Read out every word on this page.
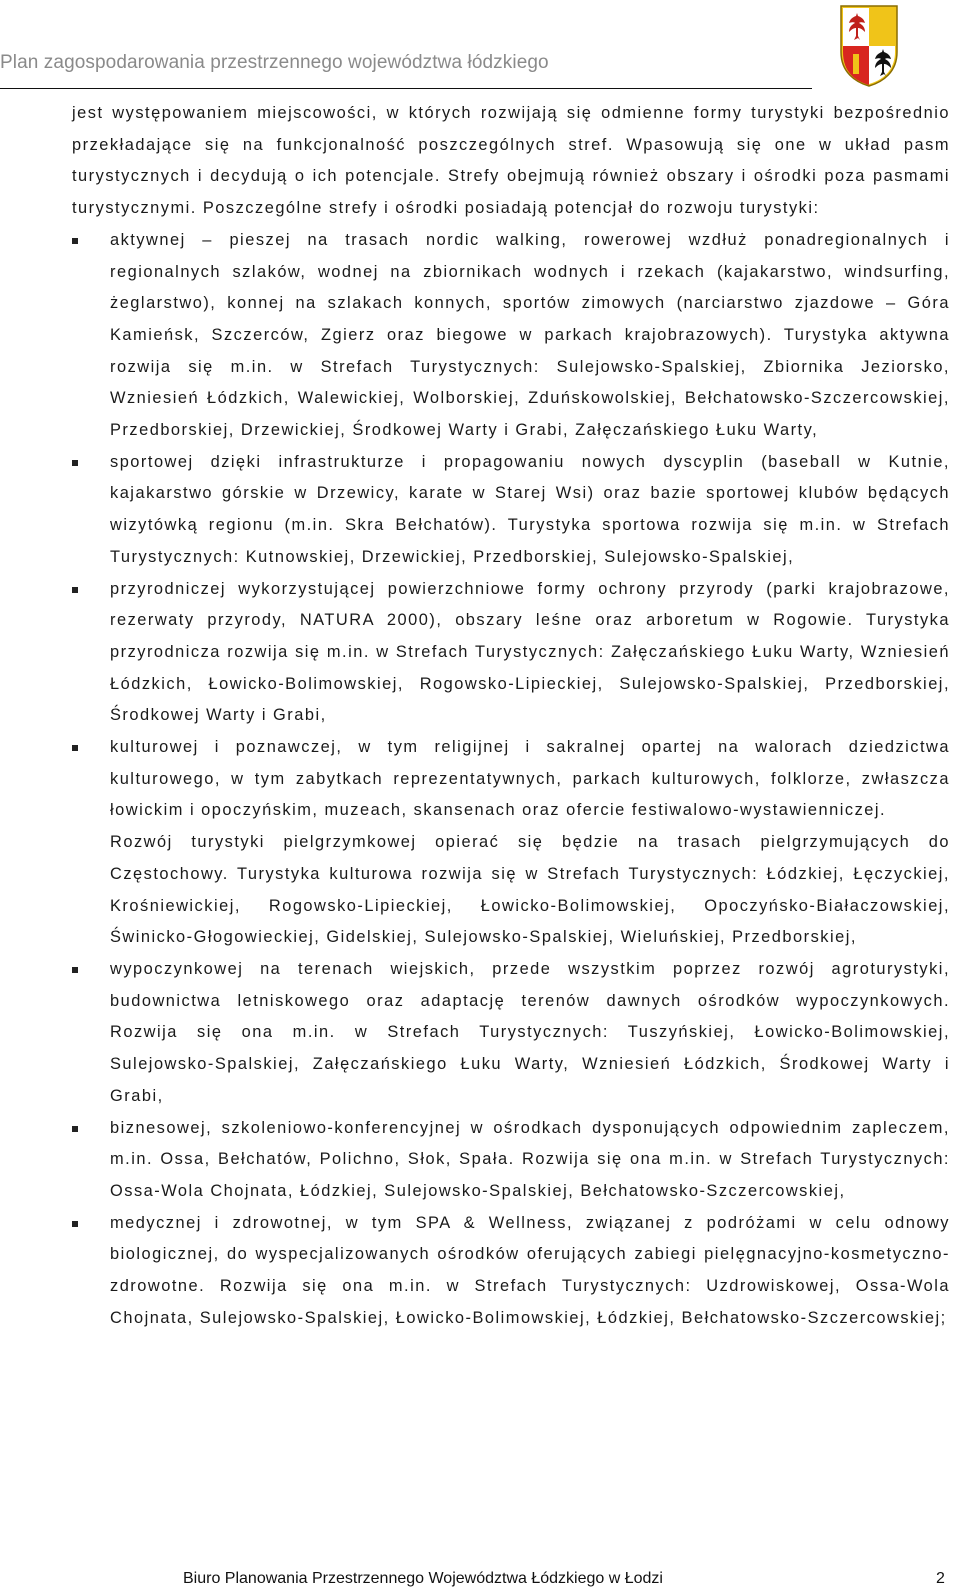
Plan zagospodarowania przestrzennego województwa łódzkiego

jest występowaniem miejscowości, w których rozwijają się odmienne formy turystyki bezpośrednio przekładające się na funkcjonalność poszczególnych stref. Wpasowują się one w układ pasm turystycznych i decydują o ich potencjale. Strefy obejmują również obszary i ośrodki poza pasmami turystycznymi. Poszczególne strefy i ośrodki posiadają potencjał do rozwoju turystyki:

aktywnej – pieszej na trasach nordic walking, rowerowej wzdłuż ponadregionalnych i regionalnych szlaków, wodnej na zbiornikach wodnych i rzekach (kajakarstwo, windsurfing, żeglarstwo), konnej na szlakach konnych, sportów zimowych (narciarstwo zjazdowe – Góra Kamieńsk, Szczerców, Zgierz oraz biegowe w parkach krajobrazowych). Turystyka aktywna rozwija się m.in. w Strefach Turystycznych: Sulejowsko-Spalskiej, Zbiornika Jeziorsko, Wzniesień Łódzkich, Walewickiej, Wolborskiej, Zduńskowolskiej, Bełchatowsko-Szczercowskiej, Przedborskiej, Drzewickiej, Środkowej Warty i Grabi, Załęczańskiego Łuku Warty,
sportowej dzięki infrastrukturze i propagowaniu nowych dyscyplin (baseball w Kutnie, kajakarstwo górskie w Drzewicy, karate w Starej Wsi) oraz bazie sportowej klubów będących wizytówką regionu (m.in. Skra Bełchatów). Turystyka sportowa rozwija się m.in. w Strefach Turystycznych: Kutnowskiej, Drzewickiej, Przedborskiej, Sulejowsko-Spalskiej,
przyrodniczej wykorzystującej powierzchniowe formy ochrony przyrody (parki krajobrazowe, rezerwaty przyrody, NATURA 2000), obszary leśne oraz arboretum w Rogowie. Turystyka przyrodnicza rozwija się m.in. w Strefach Turystycznych: Załęczańskiego Łuku Warty, Wzniesień Łódzkich, Łowicko-Bolimowskiej, Rogowsko-Lipieckiej, Sulejowsko-Spalskiej, Przedborskiej, Środkowej Warty i Grabi,

kulturowej i poznawczej, w tym religijnej i sakralnej opartej na walorach dziedzictwa kulturowego, w tym zabytkach reprezentatywnych, parkach kulturowych, folklorze, zwłaszcza łowickim i opoczyńskim, muzeach, skansenach oraz ofercie festiwalowo-wystawienniczej.

Rozwój turystyki pielgrzymkowej opierać się będzie na trasach pielgrzymujących do Częstochowy. Turystyka kulturowa rozwija się w Strefach Turystycznych: Łódzkiej, Łęczyckiej, Krośniewickiej, Rogowsko-Lipieckiej, Łowicko-Bolimowskiej, Opoczyńsko-Białaczowskiej, Świnicko-Głogowieckiej, Gidelskiej, Sulejowsko-Spalskiej, Wieluńskiej, Przedborskiej,

wypoczynkowej na terenach wiejskich, przede wszystkim poprzez rozwój agroturystyki, budownictwa letniskowego oraz adaptację terenów dawnych ośrodków wypoczynkowych. Rozwija się ona m.in. w Strefach Turystycznych: Tuszyńskiej, Łowicko-Bolimowskiej, Sulejowsko-Spalskiej, Załęczańskiego Łuku Warty, Wzniesień Łódzkich, Środkowej Warty i Grabi,
biznesowej, szkoleniowo-konferencyjnej w ośrodkach dysponujących odpowiednim zapleczem, m.in. Ossa, Bełchatów, Polichno, Słok, Spała. Rozwija się ona m.in. w Strefach Turystycznych: Ossa-Wola Chojnata, Łódzkiej, Sulejowsko-Spalskiej, Bełchatowsko-Szczercowskiej,
medycznej i zdrowotnej, w tym SPA & Wellness, związanej z podróżami w celu odnowy biologicznej, do wyspecjalizowanych ośrodków oferujących zabiegi pielęgnacyjno-kosmetyczno-zdrowotne. Rozwija się ona m.in. w Strefach Turystycznych: Uzdrowiskowej, Ossa-Wola Chojnata, Sulejowsko-Spalskiej, Łowicko-Bolimowskiej, Łódzkiej, Bełchatowsko-Szczercowskiej;
Biuro Planowania Przestrzennego Województwa Łódzkiego w Łodzi	2
